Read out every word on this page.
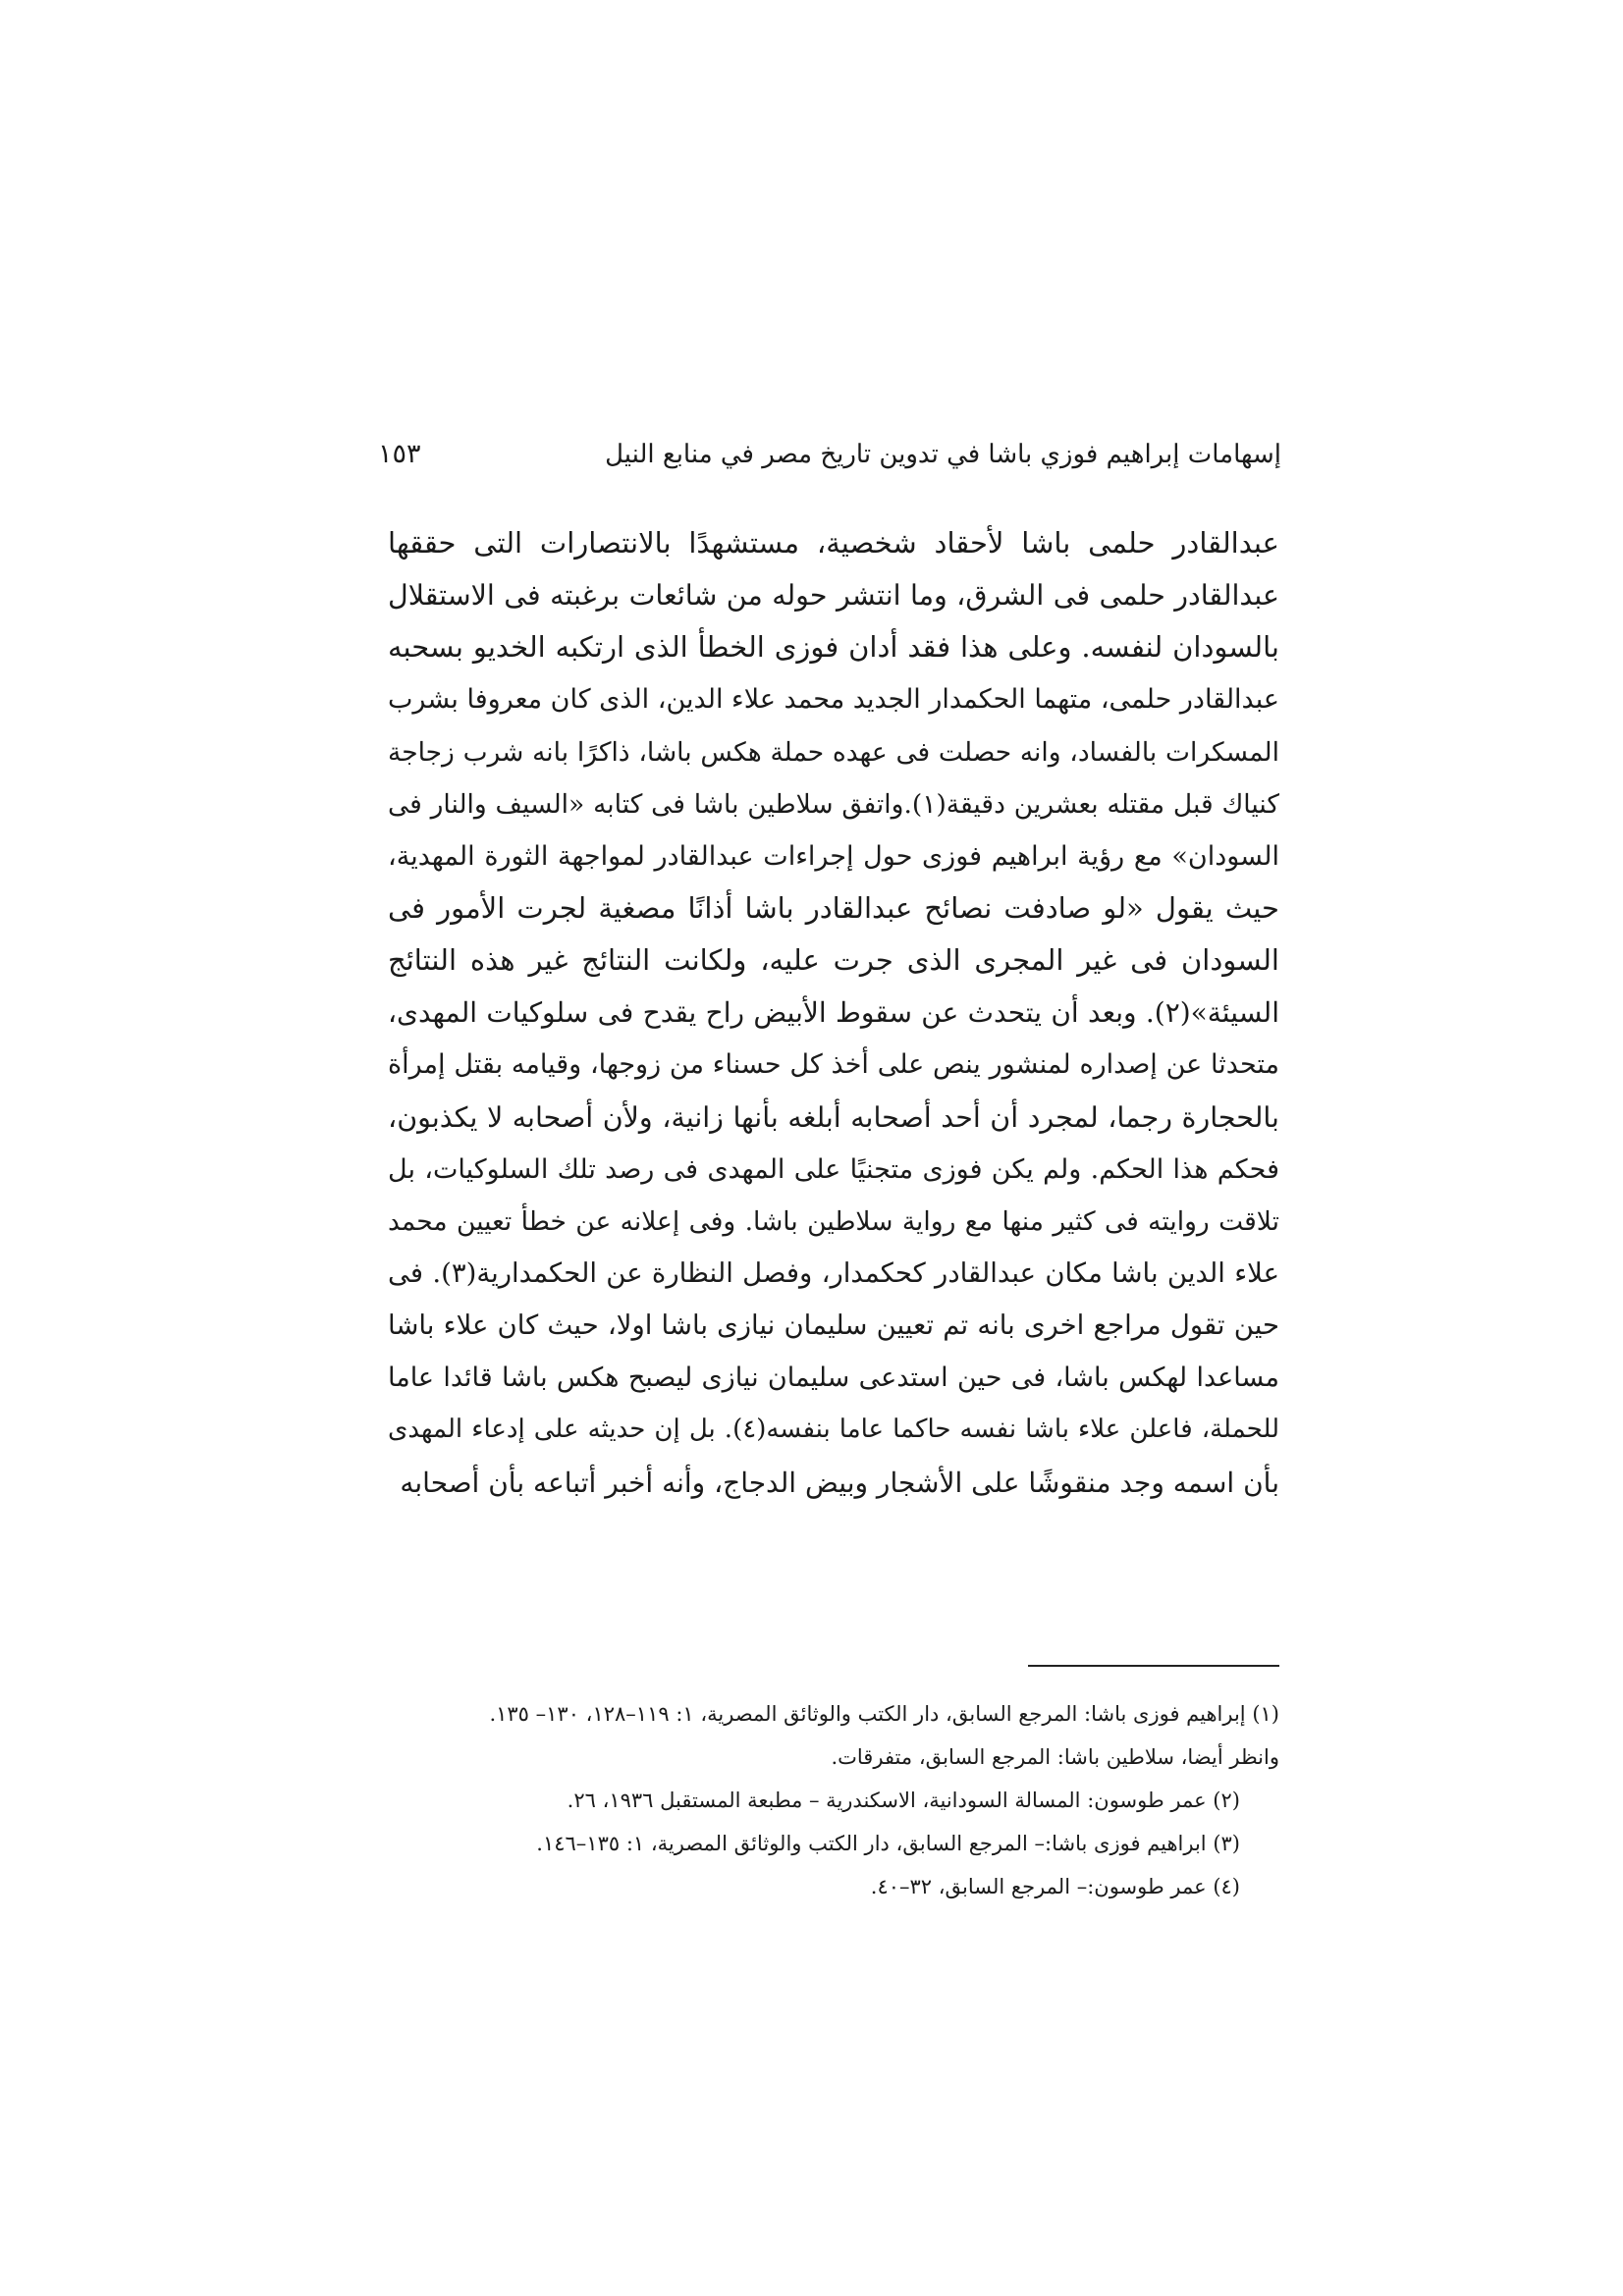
إسهامات إبراهيم فوزي باشا في تدوين تاريخ مصر في منابع النيل
١٥٣
عبدالقادر حلمى باشا لأحقاد شخصية، مستشهدًا بالانتصارات التى حققها
عبدالقادر حلمى فى الشرق، وما انتشر حوله من شائعات برغبته فى الاستقلال
بالسودان لنفسه. وعلى هذا فقد أدان فوزى الخطأ الذى ارتكبه الخديو بسحبه
عبدالقادر حلمى، متهما الحكمدار الجديد محمد علاء الدين، الذى كان معروفا بشرب
المسكرات بالفساد، وانه حصلت فى عهده حملة هكس باشا، ذاكرًا بانه شرب زجاجة
كنياك قبل مقتله بعشرين دقيقة(١).واتفق سلاطين باشا فى كتابه «السيف والنار فى
السودان» مع رؤية ابراهيم فوزى حول إجراءات عبدالقادر لمواجهة الثورة المهدية،
حيث يقول «لو صادفت نصائح عبدالقادر باشا أذانًا مصغية لجرت الأمور فى
السودان فى غير المجرى الذى جرت عليه، ولكانت النتائج غير هذه النتائج
السيئة»(٢). وبعد أن يتحدث عن سقوط الأبيض راح يقدح فى سلوكيات المهدى،
متحدثا عن إصداره لمنشور ينص على أخذ كل حسناء من زوجها، وقيامه بقتل إمرأة
بالحجارة رجما، لمجرد أن أحد أصحابه أبلغه بأنها زانية، ولأن أصحابه لا يكذبون،
فحكم هذا الحكم. ولم يكن فوزى متجنيًا على المهدى فى رصد تلك السلوكيات، بل
تلاقت روايته فى كثير منها مع رواية سلاطين باشا. وفى إعلانه عن خطأ تعيين محمد
علاء الدين باشا مكان عبدالقادر كحكمدار، وفصل النظارة عن الحكمدارية(٣). فى
حين تقول مراجع اخرى بانه تم تعيين سليمان نيازى باشا اولا، حيث كان علاء باشا
مساعدا لهكس باشا، فى حين استدعى سليمان نيازى ليصبح هكس باشا قائدا عاما
للحملة، فاعلن علاء باشا نفسه حاكما عاما بنفسه(٤). بل إن حديثه على إدعاء المهدى
بأن اسمه وجد منقوشًا على الأشجار وبيض الدجاج، وأنه أخبر أتباعه بأن أصحابه
(١) إبراهيم فوزى باشا: المرجع السابق، دار الكتب والوثائق المصرية، ١: ١١٩–١٢٨، ١٣٠– ١٣٥.
وانظر أيضا، سلاطين باشا: المرجع السابق، متفرقات.
(٢) عمر طوسون: المسالة السودانية، الاسكندرية – مطبعة المستقبل ١٩٣٦، ٢٦.
(٣) ابراهيم فوزى باشا:– المرجع السابق، دار الكتب والوثائق المصرية، ١: ١٣٥–١٤٦.
(٤) عمر طوسون:– المرجع السابق، ٣٢–٤٠.
